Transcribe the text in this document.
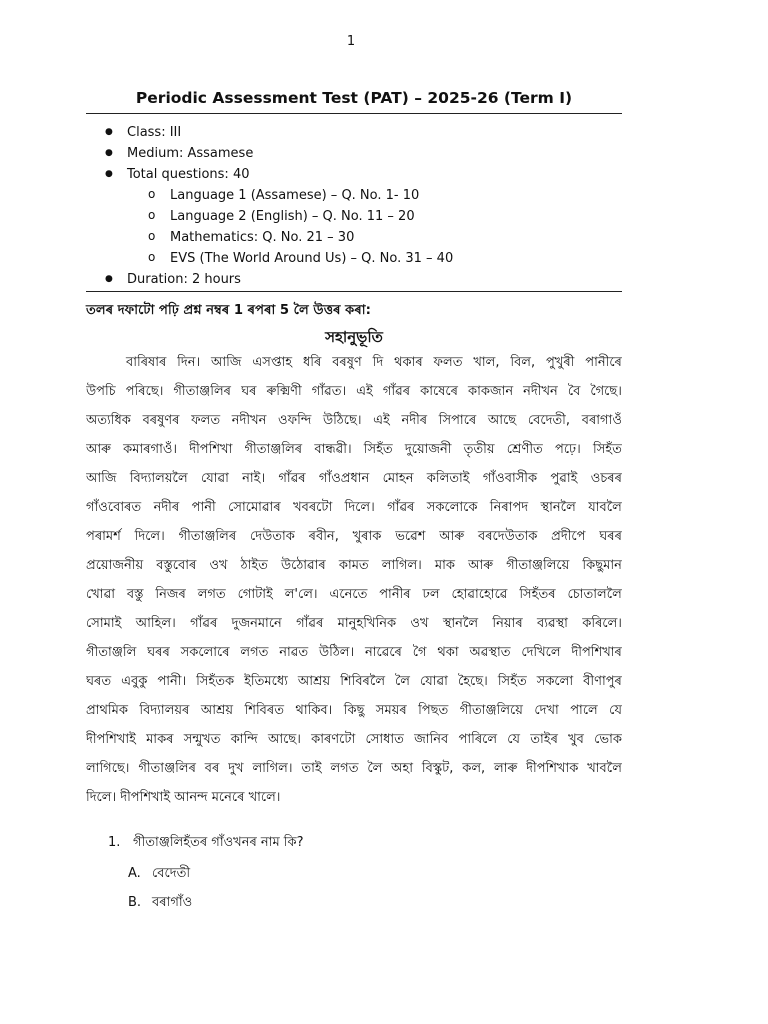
1
Periodic Assessment Test (PAT) – 2025-26 (Term I)
● Class: III
● Medium: Assamese
● Total questions: 40
o Language 1 (Assamese) – Q. No. 1- 10
o Language 2 (English) – Q. No. 11 – 20
o Mathematics: Q. No. 21 – 30
o EVS (The World Around Us) – Q. No. 31 – 40
● Duration: 2 hours
তলৰ দফাটো পঢ়ি প্ৰশ্ন নম্বৰ 1 ৰপৰা 5 লৈ উত্তৰ কৰা:
সহানুভূতি
বাৰিষাৰ দিন। আজি এসপ্তাহ ধৰি বৰষুণ দি থকাৰ ফলত খাল, বিল, পুখুৰী পানীৰে
উপচি পৰিছে। গীতাঞ্জলিৰ ঘৰ ৰুক্মিণী গাঁৱত। এই গাঁৱৰ কাষেৰে কাকজান নদীখন বৈ গৈছে।
অত্যধিক বৰষুণৰ ফলত নদীখন ওফন্দি উঠিছে। এই নদীৰ সিপাৰে আছে বেদেতী, বৰাগাওঁ
আৰু কমাৰগাওঁ। দীপশিখা গীতাঞ্জলিৰ বান্ধৱী। সিহঁত দুয়োজনী তৃতীয় শ্ৰেণীত পঢ়ে। সিহঁত
আজি বিদ্যালয়লৈ যোৱা নাই। গাঁৱৰ গাঁওপ্ৰধান মোহন কলিতাই গাঁওবাসীক পুৱাই ওচৰৰ
গাঁওবোৰত নদীৰ পানী সোমোৱাৰ খবৰটো দিলে। গাঁৱৰ সকলোকে নিৰাপদ স্থানলৈ যাবলৈ
পৰামৰ্শ দিলে। গীতাঞ্জলিৰ দেউতাক ৰবীন, খুৰাক ভৱেশ আৰু বৰদেউতাক প্ৰদীপে ঘৰৰ
প্ৰয়োজনীয় বস্তুবোৰ ওখ ঠাইত উঠোৱাৰ কামত লাগিল। মাক আৰু গীতাঞ্জলিয়ে কিছুমান
খোৱা বস্তু নিজৰ লগত গোটাই ল'লে। এনেতে পানীৰ ঢল হোৱাহোৱে সিহঁতৰ চোতাললৈ
সোমাই আহিল। গাঁৱৰ দুজনমানে গাঁৱৰ মানুহখিনিক ওখ স্থানলৈ নিয়াৰ ব্যৱস্থা কৰিলে।
গীতাঞ্জলি ঘৰৰ সকলোৰে লগত নাৱত উঠিল। নাৱেৰে গৈ থকা অৱস্থাত দেখিলে দীপশিখাৰ
ঘৰত এবুকু পানী। সিহঁতক ইতিমধ্যে আশ্ৰয় শিবিৰলৈ লৈ যোৱা হৈছে। সিহঁত সকলো বীণাপুৰ
প্ৰাথমিক বিদ্যালয়ৰ আশ্ৰয় শিবিৰত থাকিব। কিছু সময়ৰ পিছত গীতাঞ্জলিয়ে দেখা পালে যে
দীপশিখাই মাকৰ সন্মুখত কান্দি আছে। কাৰণটো সোধাত জানিব পাৰিলে যে তাইৰ খুব ভোক
লাগিছে। গীতাঞ্জলিৰ বৰ দুখ লাগিল। তাই লগত লৈ অহা বিস্কুট, কল, লাৰু দীপশিখাক খাবলৈ
দিলে। দীপশিখাই আনন্দ মনেৰে খালে।
1. গীতাঞ্জলিহঁতৰ গাঁওখনৰ নাম কি?
A. বেদেতী
B. বৰাগাঁও
